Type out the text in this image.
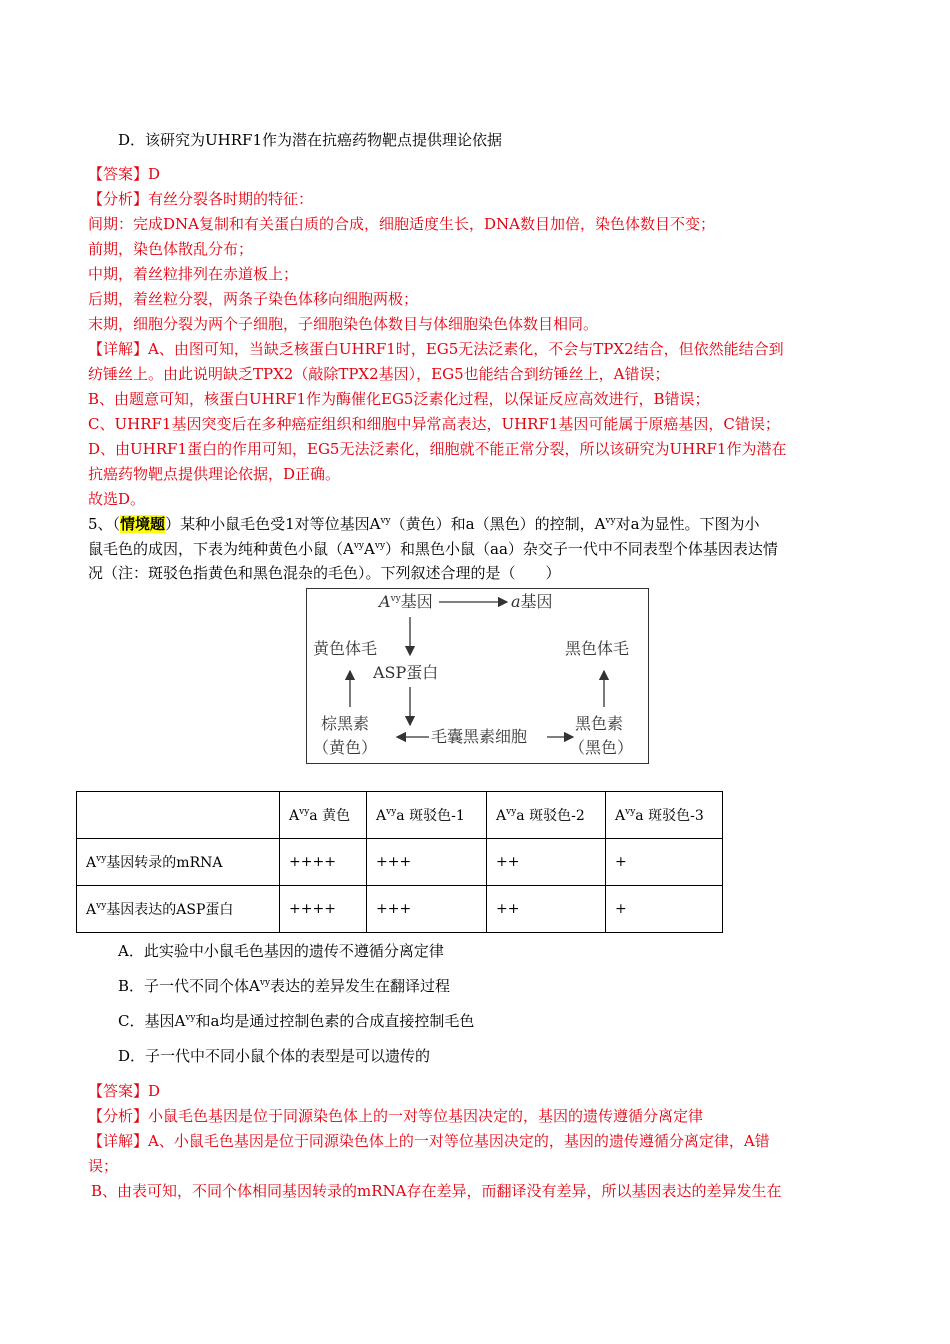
D．该研究为UHRF1作为潜在抗癌药物靶点提供理论依据
【答案】D
【分析】有丝分裂各时期的特征：
间期：完成DNA复制和有关蛋白质的合成，细胞适度生长，DNA数目加倍，染色体数目不变；
前期，染色体散乱分布；
中期，着丝粒排列在赤道板上；
后期，着丝粒分裂，两条子染色体移向细胞两极；
末期，细胞分裂为两个子细胞，子细胞染色体数目与体细胞染色体数目相同。
【详解】A、由图可知，当缺乏核蛋白UHRF1时，EG5无法泛素化，不会与TPX2结合，但依然能结合到
纺锤丝上。由此说明缺乏TPX2（敲除TPX2基因），EG5也能结合到纺锤丝上，A错误；
B、由题意可知，核蛋白UHRF1作为酶催化EG5泛素化过程，以保证反应高效进行，B错误；
C、UHRF1基因突变后在多种癌症组织和细胞中异常高表达，UHRF1基因可能属于原癌基因，C错误；
D、由UHRF1蛋白的作用可知，EG5无法泛素化，细胞就不能正常分裂，所以该研究为UHRF1作为潜在
抗癌药物靶点提供理论依据，D正确。
故选D。
5、（情境题）某种小鼠毛色受1对等位基因$A^{vy}$（黄色）和a（黑色）的控制，$A^{vy}$对a为显性。下图为小
鼠毛色的成因，下表为纯种黄色小鼠$(A^{vy}A^{vy})$和黑色小鼠（aa）杂交子一代中不同表型个体基因表达情
况（注：斑驳色指黄色和黑色混杂的毛色）。下列叙述合理的是（　　）
$A^{vy}$基因	a基因
黄色体毛
ASP蛋白
黑色体毛
棕黑素
（黄色）
毛囊黑素细胞
黑色素
（黑色）
	$A^{vy}a$ 黄色	$A^{vy}a$ 斑驳色-1	$A^{vy}a$ 斑驳色-2	$A^{vy}a$ 斑驳色-3
$A^{vy}$基因转录的mRNA	++++	+++	++	+
$A^{vy}$基因表达的ASP蛋白	++++	+++	++	+
A．此实验中小鼠毛色基因的遗传不遵循分离定律
B．子一代不同个体$A^{vy}$表达的差异发生在翻译过程
C．基因$A^{vy}$和a均是通过控制色素的合成直接控制毛色
D．子一代中不同小鼠个体的表型是可以遗传的
【答案】D
【分析】小鼠毛色基因是位于同源染色体上的一对等位基因决定的，基因的遗传遵循分离定律
【详解】A、小鼠毛色基因是位于同源染色体上的一对等位基因决定的，基因的遗传遵循分离定律，A错
误；
B、由表可知，不同个体相同基因转录的mRNA存在差异，而翻译没有差异，所以基因表达的差异发生在
